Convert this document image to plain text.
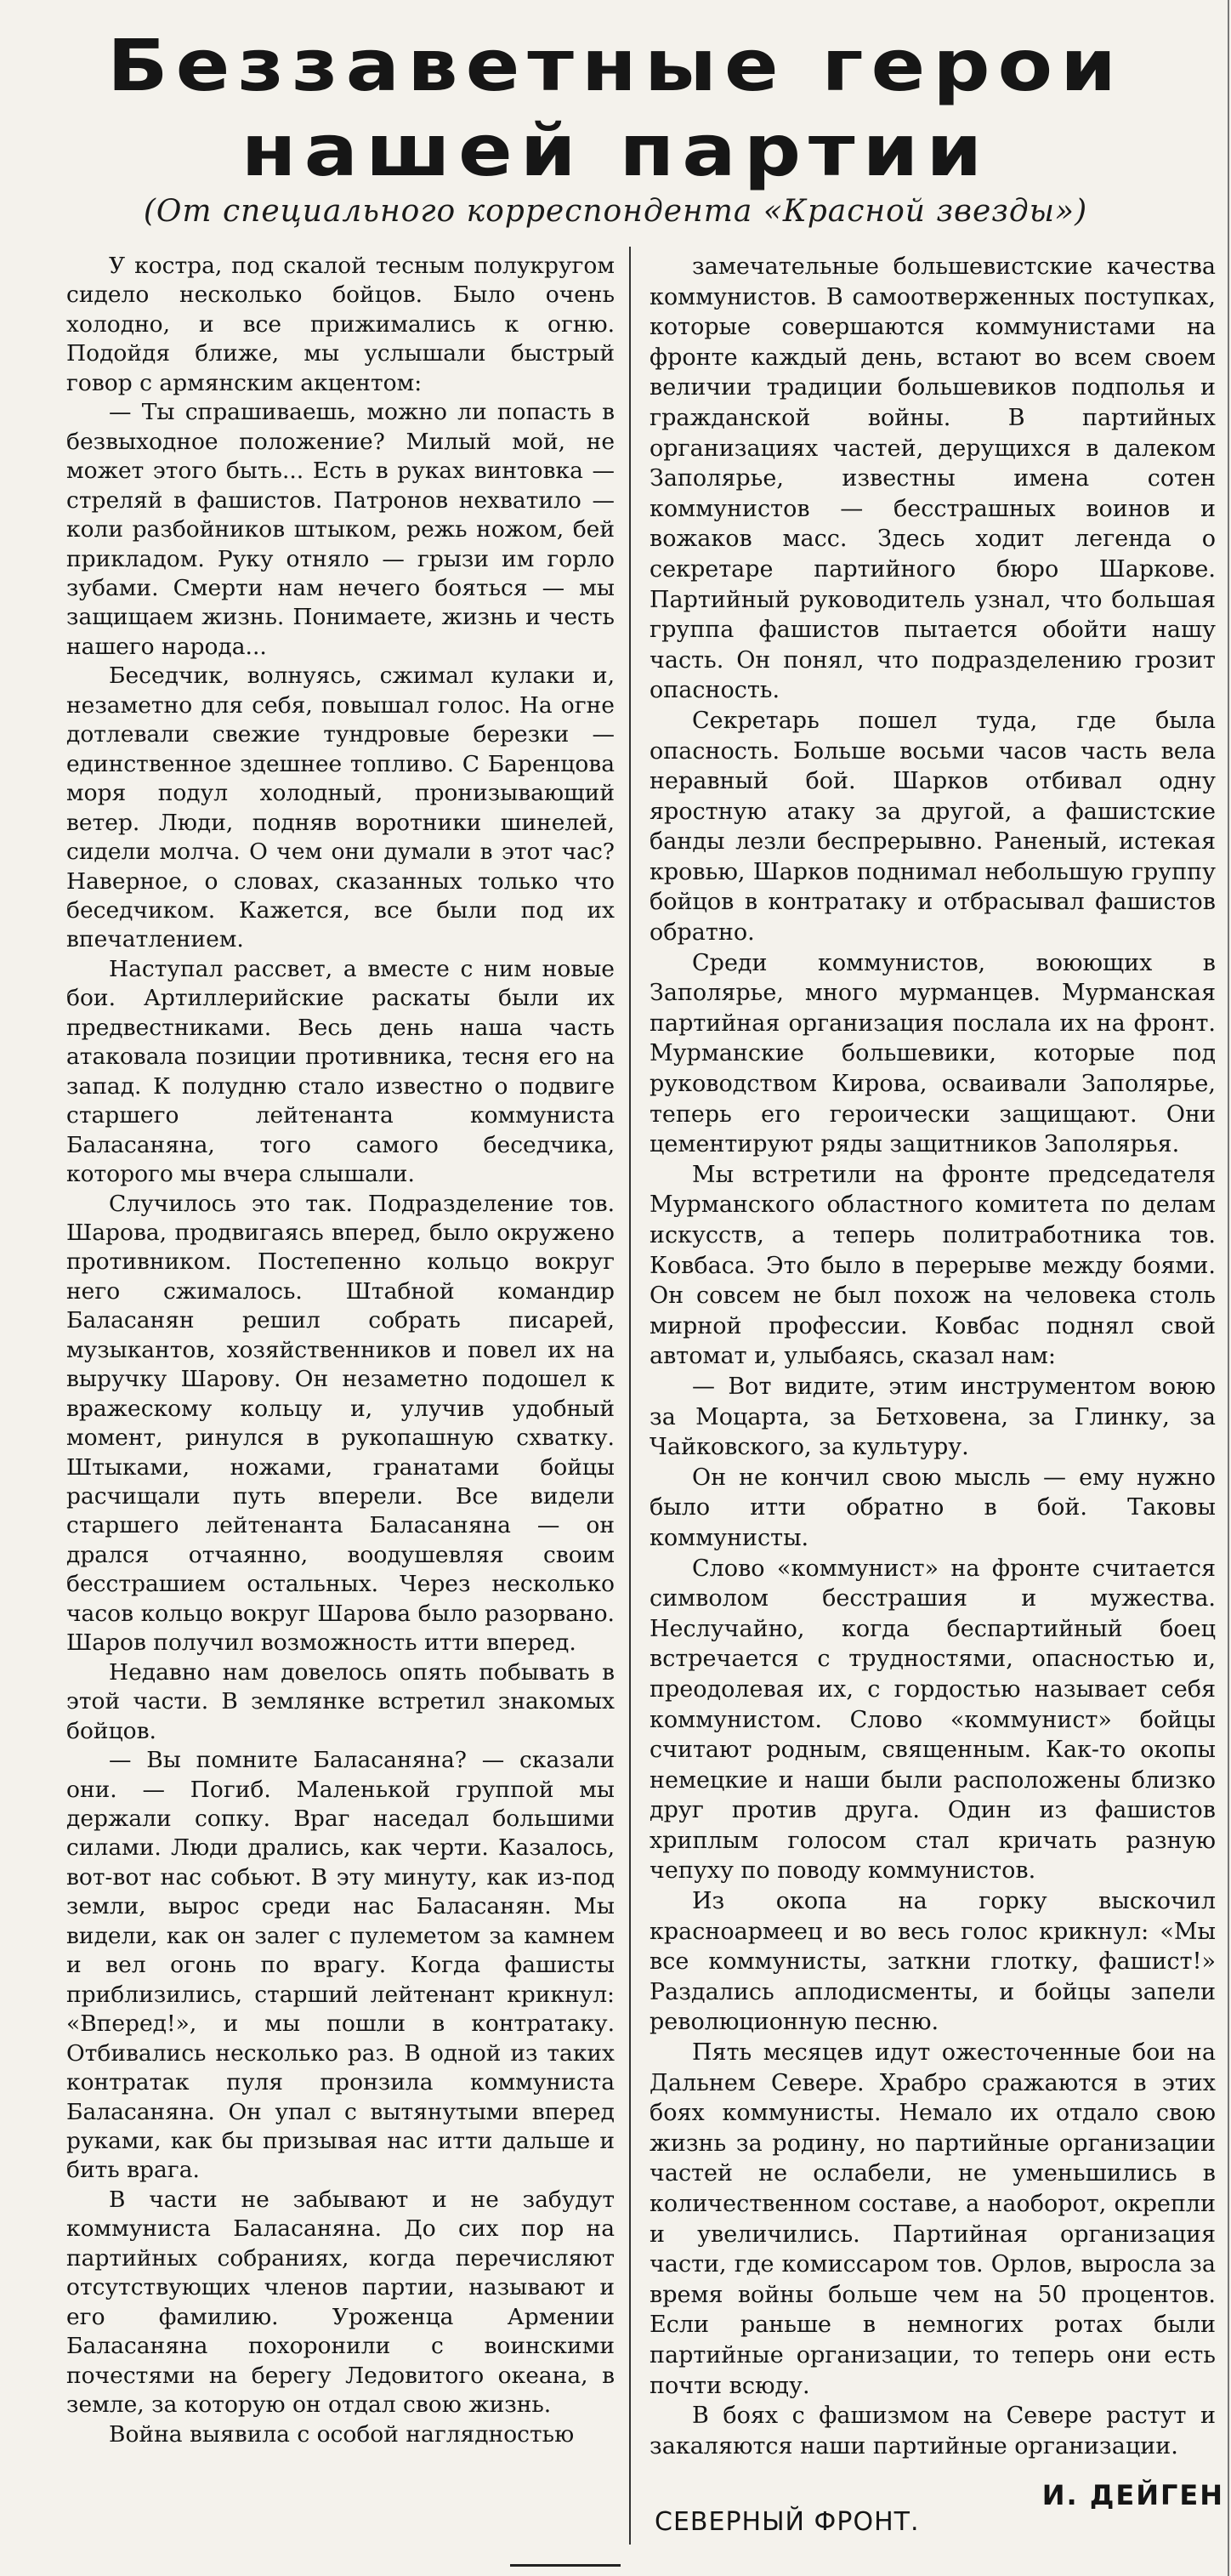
Беззаветные герои
нашей партии
(От специального корреспондента «Красной звезды»)

У костра, под скалой тесным полукругом сидело несколько бойцов. Было очень холодно, и все прижимались к огню. Подойдя ближе, мы услышали быстрый говор с армянским акцентом:

— Ты спрашиваешь, можно ли попасть в безвыходное положение? Милый мой, не может этого быть... Есть в руках винтовка — стреляй в фашистов. Патронов нехватило — коли разбойников штыком, режь ножом, бей прикладом. Руку отняло — грызи им горло зубами. Смерти нам нечего бояться — мы защищаем жизнь. Понимаете, жизнь и честь нашего народа...

Беседчик, волнуясь, сжимал кулаки и, незаметно для себя, повышал голос. На огне дотлевали свежие тундровые березки — единственное здешнее топливо. С Баренцова моря подул холодный, пронизывающий ветер. Люди, подняв воротники шинелей, сидели молча. О чем они думали в этот час? Наверное, о словах, сказанных только что беседчиком. Кажется, все были под их впечатлением.

Наступал рассвет, а вместе с ним новые бои. Артиллерийские раскаты были их предвестниками. Весь день наша часть атаковала позиции противника, тесня его на запад. К полудню стало известно о подвиге старшего лейтенанта коммуниста Баласаняна, того самого беседчика, которого мы вчера слышали.

Случилось это так. Подразделение тов. Шарова, продвигаясь вперед, было окружено противником. Постепенно кольцо вокруг него сжималось. Штабной командир Баласанян решил собрать писарей, музыкантов, хозяйственников и повел их на выручку Шарову. Он незаметно подошел к вражескому кольцу и, улучив удобный момент, ринулся в рукопашную схватку. Штыками, ножами, гранатами бойцы расчищали путь вперели. Все видели старшего лейтенанта Баласаняна — он дрался отчаянно, воодушевляя своим бесстрашием остальных. Через несколько часов кольцо вокруг Шарова было разорвано. Шаров получил возможность итти вперед.

Недавно нам довелось опять побывать в этой части. В землянке встретил знакомых бойцов.

— Вы помните Баласаняна? — сказали они. — Погиб. Маленькой группой мы держали сопку. Враг наседал большими силами. Люди дрались, как черти. Казалось, вот-вот нас собьют. В эту минуту, как из-под земли, вырос среди нас Баласанян. Мы видели, как он залег с пулеметом за камнем и вел огонь по врагу. Когда фашисты приблизились, старший лейтенант крикнул: «Вперед!», и мы пошли в контратаку. Отбивались несколько раз. В одной из таких контратак пуля пронзила коммуниста Баласаняна. Он упал с вытянутыми вперед руками, как бы призывая нас итти дальше и бить врага.

В части не забывают и не забудут коммуниста Баласаняна. До сих пор на партийных собраниях, когда перечисляют отсутствующих членов партии, называют и его фамилию. Уроженца Армении Баласаняна похоронили с воинскими почестями на берегу Ледовитого океана, в земле, за которую он отдал свою жизнь.

Война выявила с особой наглядностью

замечательные большевистские качества коммунистов. В самоотверженных поступках, которые совершаются коммунистами на фронте каждый день, встают во всем своем величии традиции большевиков подполья и гражданской войны. В партийных организациях частей, дерущихся в далеком Заполярье, известны имена сотен коммунистов — бесстрашных воинов и вожаков масс. Здесь ходит легенда о секретаре партийного бюро Шаркове. Партийный руководитель узнал, что большая группа фашистов пытается обойти нашу часть. Он понял, что подразделению грозит опасность.

Секретарь пошел туда, где была опасность. Больше восьми часов часть вела неравный бой. Шарков отбивал одну яростную атаку за другой, а фашистские банды лезли беспрерывно. Раненый, истекая кровью, Шарков поднимал небольшую группу бойцов в контратаку и отбрасывал фашистов обратно.

Среди коммунистов, воюющих в Заполярье, много мурманцев. Мурманская партийная организация послала их на фронт. Мурманские большевики, которые под руководством Кирова, осваивали Заполярье, теперь его героически защищают. Они цементируют ряды защитников Заполярья.

Мы встретили на фронте председателя Мурманского областного комитета по делам искусств, а теперь политработника тов. Ковбаса. Это было в перерыве между боями. Он совсем не был похож на человека столь мирной профессии. Ковбас поднял свой автомат и, улыбаясь, сказал нам:

— Вот видите, этим инструментом воюю за Моцарта, за Бетховена, за Глинку, за Чайковского, за культуру.

Он не кончил свою мысль — ему нужно было итти обратно в бой. Таковы коммунисты.

Слово «коммунист» на фронте считается символом бесстрашия и мужества. Неслучайно, когда беспартийный боец встречается с трудностями, опасностью и, преодолевая их, с гордостью называет себя коммунистом. Слово «коммунист» бойцы считают родным, священным. Как-то окопы немецкие и наши были расположены близко друг против друга. Один из фашистов хриплым голосом стал кричать разную чепуху по поводу коммунистов.

Из окопа на горку выскочил красноармеец и во весь голос крикнул: «Мы все коммунисты, заткни глотку, фашист!» Раздались аплодисменты, и бойцы запели революционную песню.

Пять месяцев идут ожесточенные бои на Дальнем Севере. Храбро сражаются в этих боях коммунисты. Немало их отдало свою жизнь за родину, но партийные организации частей не ослабели, не уменьшились в количественном составе, а наоборот, окрепли и увеличились. Партийная организация части, где комиссаром тов. Орлов, выросла за время войны больше чем на 50 процентов. Если раньше в немногих ротах были партийные организации, то теперь они есть почти всюду.

В боях с фашизмом на Севере растут и закаляются наши партийные организации.

И. ДЕЙГЕН
СЕВЕРНЫЙ ФРОНТ.
